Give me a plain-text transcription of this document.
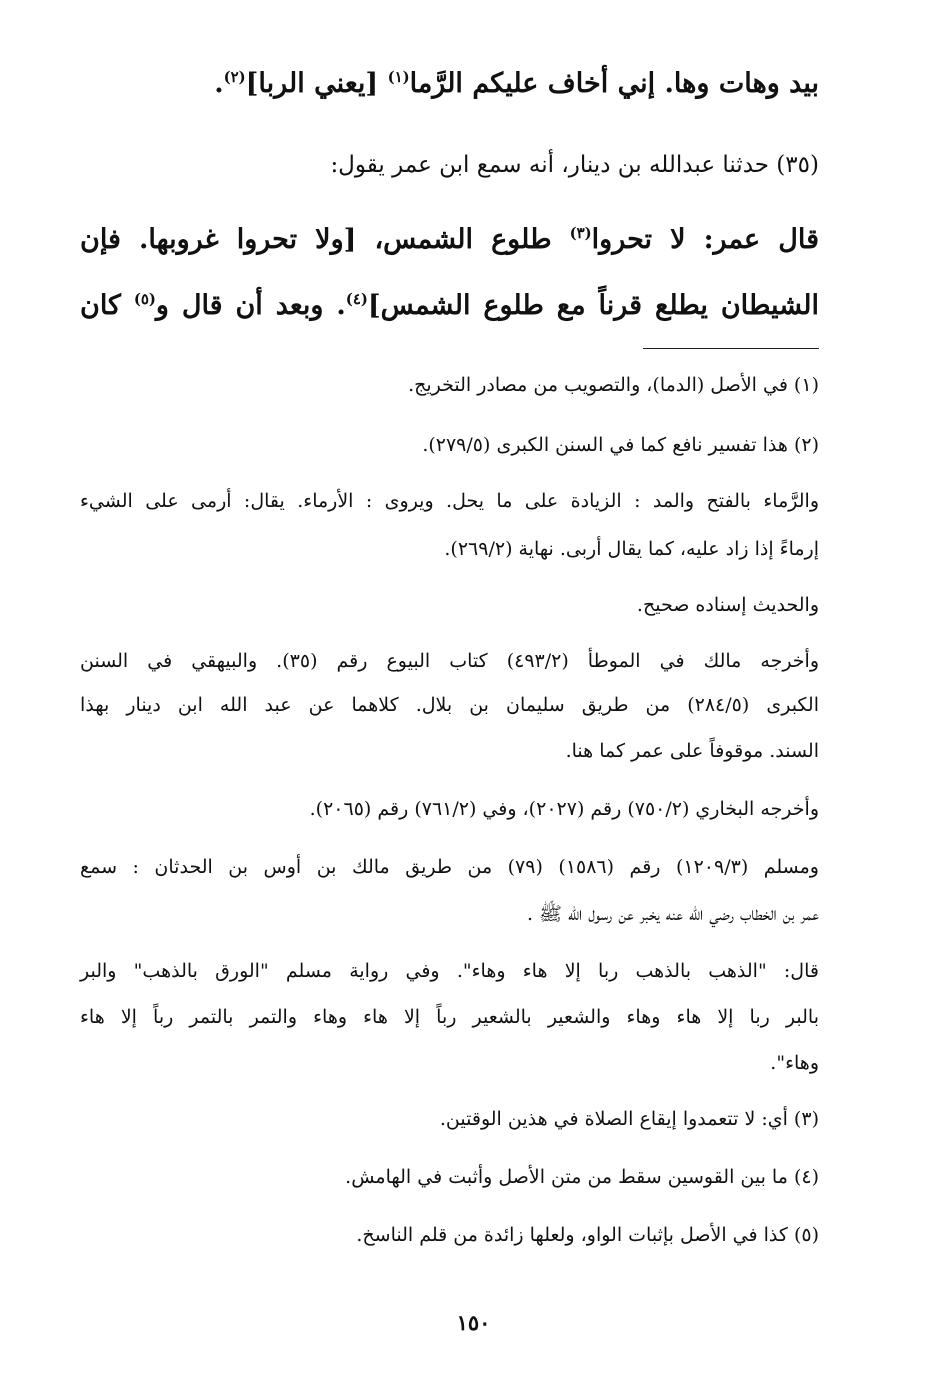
بيد وهات وها. إني أخاف عليكم الرَّما$^{(١)}$ [يعني الربا]$^{(٢)}$.
(٣٥) حدثنا عبدالله بن دينار، أنه سمع ابن عمر يقول:
قال عمر: لا تحروا$^{(٣)}$ طلوع الشمس، [ولا تحروا غروبها. فإن
الشيطان يطلع قرناً مع طلوع الشمس]$^{(٤)}$. وبعد أن قال و$^{(٥)}$ كان
(١) في الأصل (الدما)، والتصويب من مصادر التخريج.
(٢) هذا تفسير نافع كما في السنن الكبرى (٢٧٩/٥).
والرَّماء بالفتح والمد : الزيادة على ما يحل. ويروى : الأرماء. يقال: أرمى على الشيء
إرماءً إذا زاد عليه، كما يقال أربى. نهاية (٢٦٩/٢).
والحديث إسناده صحيح.
وأخرجه مالك في الموطأ (٤٩٣/٢) كتاب البيوع رقم (٣٥). والبيهقي في السنن
الكبرى (٢٨٤/٥) من طريق سليمان بن بلال. كلاهما عن عبد الله ابن دينار بهذا
السند. موقوفاً على عمر كما هنا.
وأخرجه البخاري (٧٥٠/٢) رقم (٢٠٢٧)، وفي (٧٦١/٢) رقم (٢٠٦٥).
ومسلم (١٢٠٩/٣) رقم (١٥٨٦) (٧٩) من طريق مالك بن أوس بن الحدثان : سمع
عمر بن الخطاب رضي الله عنه يخبر عن رسول الله ﷺ .
قال: "الذهب بالذهب ربا إلا هاء وهاء". وفي رواية مسلم "الورق بالذهب" والبر
بالبر ربا إلا هاء وهاء والشعير بالشعير رباً إلا هاء وهاء والتمر بالتمر رباً إلا هاء
وهاء".
(٣) أي: لا تتعمدوا إيقاع الصلاة في هذين الوقتين.
(٤) ما بين القوسين سقط من متن الأصل وأثبت في الهامش.
(٥) كذا في الأصل بإثبات الواو، ولعلها زائدة من قلم الناسخ.
١٥٠
